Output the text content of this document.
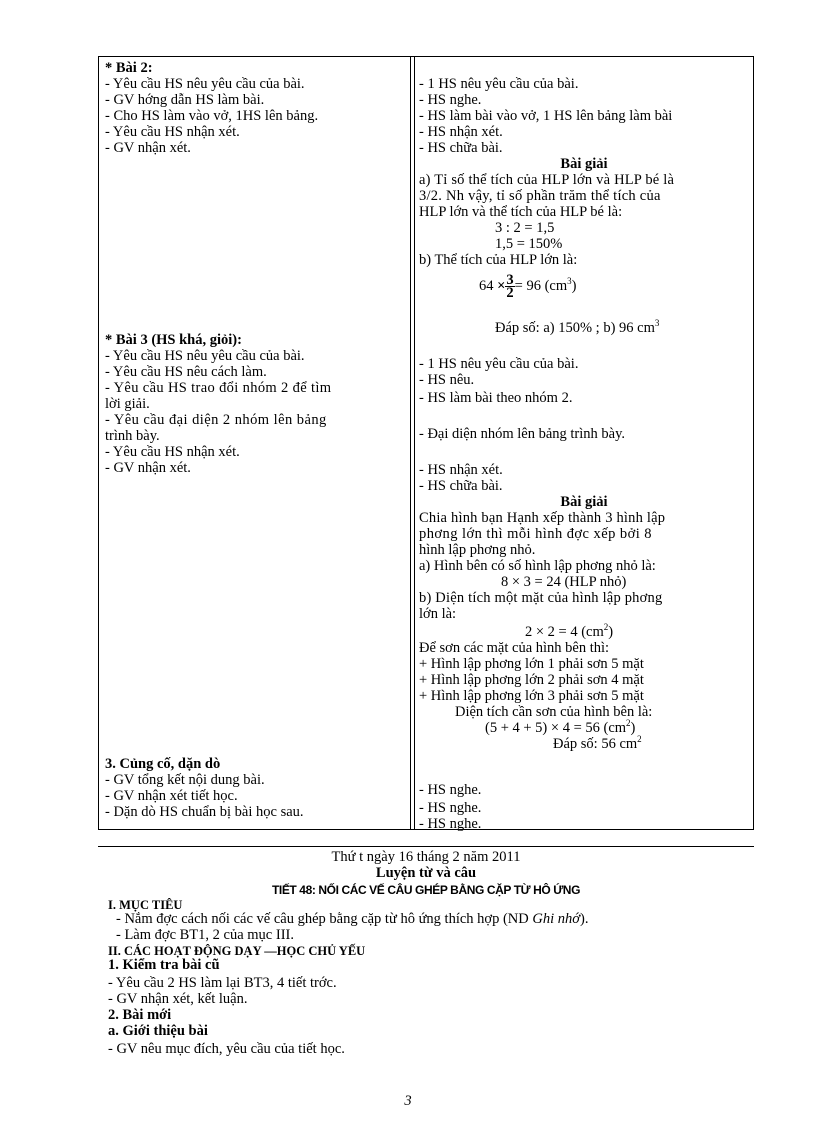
* Bài 2:
- Yêu cầu HS nêu yêu cầu của bài.
- GV hớng dẫn HS làm bài.
- Cho HS làm vào vở, 1HS lên bảng.
- Yêu cầu HS nhận xét.
- GV nhận xét.
* Bài 3 (HS khá, giỏi):
- Yêu cầu HS nêu yêu cầu của bài.
- Yêu cầu HS nêu cách làm.
- Yêu cầu HS trao đổi nhóm 2 để tìm
lời giải.
- Yêu cầu đại diện 2 nhóm lên bảng
trình bày.
- Yêu cầu HS nhận xét.
- GV nhận xét.
3. Củng cố, dặn dò
- GV tổng kết nội dung bài.
- GV nhận xét tiết học.
- Dặn dò HS chuẩn bị bài học sau.
- 1 HS nêu yêu cầu của bài.
- HS nghe.
- HS làm bài vào vở, 1 HS lên bảng làm bài
- HS nhận xét.
- HS chữa bài.
Bài giải
a) Tỉ số thể tích của HLP lớn và HLP bé là
3/2. Nh vậy, tỉ số phần trăm thể tích của
HLP lớn và thể tích của HLP bé là:
3 : 2 = 1,5
1,5 = 150%
b) Thể tích của HLP lớn là:
$64 \times \frac{3}{2} = 96$ $(cm^3)$
Đáp số: a) 150% ; b) 96 $cm^3$
- 1 HS nêu yêu cầu của bài.
- HS nêu.
- HS làm bài theo nhóm 2.
- Đại diện nhóm lên bảng trình bày.
- HS nhận xét.
- HS chữa bài.
Bài giải
Chia hình bạn Hạnh xếp thành 3 hình lập
phơng lớn thì mỗi hình đợc xếp bởi 8
hình lập phơng nhỏ.
a) Hình bên có số hình lập phơng nhỏ là:
8 × 3 = 24 (HLP nhỏ)
b) Diện tích một mặt của hình lập phơng
lớn là:
2 × 2 = 4 $(cm^2)$
Để sơn các mặt của hình bên thì:
+ Hình lập phơng lớn 1 phải sơn 5 mặt
+ Hình lập phơng lớn 2 phải sơn 4 mặt
+ Hình lập phơng lớn 3 phải sơn 5 mặt
Diện tích cần sơn của hình bên là:
(5 + 4 + 5) × 4 = 56 $(cm^2)$
Đáp số: 56 $cm^2$
- HS nghe.
- HS nghe.
- HS nghe.
Thứ t ngày 16 tháng 2 năm 2011
Luyện từ và câu
TIẾT 48: NỐI CÁC VẾ CÂU GHÉP BẰNG CẶP TỪ HÔ ỨNG
I. MỤC TIÊU
- Nắm đợc cách nối các vế câu ghép bằng cặp từ hô ứng thích hợp (ND Ghi nhớ).
- Làm đợc BT1, 2 của mục III.
II. CÁC HOẠT ĐỘNG DẠY —HỌC CHỦ YẾU
1. Kiểm tra bài cũ
- Yêu cầu 2 HS làm lại BT3, 4 tiết trớc.
- GV nhận xét, kết luận.
2. Bài mới
a. Giới thiệu bài
- GV nêu mục đích, yêu cầu của tiết học.
3
